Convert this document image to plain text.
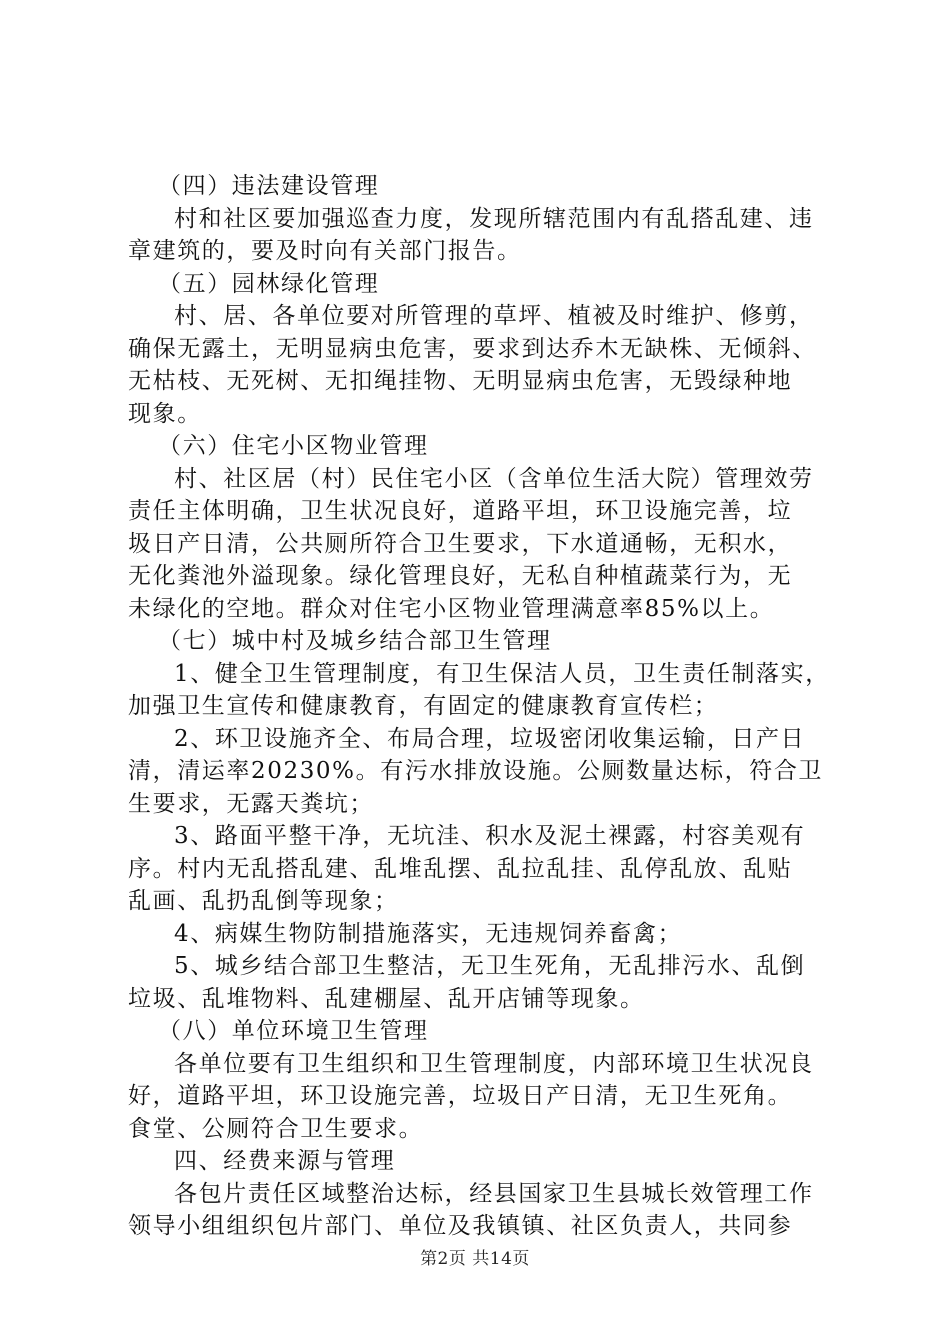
（四）违法建设管理
村和社区要加强巡查力度，发现所辖范围内有乱搭乱建、违
章建筑的，要及时向有关部门报告。
（五）园林绿化管理
村、居、各单位要对所管理的草坪、植被及时维护、修剪，
确保无露土，无明显病虫危害，要求到达乔木无缺株、无倾斜、
无枯枝、无死树、无扣绳挂物、无明显病虫危害，无毁绿种地
现象。
（六）住宅小区物业管理
村、社区居（村）民住宅小区（含单位生活大院）管理效劳
责任主体明确，卫生状况良好，道路平坦，环卫设施完善，垃
圾日产日清，公共厕所符合卫生要求，下水道通畅，无积水，
无化粪池外溢现象。绿化管理良好，无私自种植蔬菜行为，无
未绿化的空地。群众对住宅小区物业管理满意率85%以上。
（七）城中村及城乡结合部卫生管理
1、健全卫生管理制度，有卫生保洁人员，卫生责任制落实，
加强卫生宣传和健康教育，有固定的健康教育宣传栏；
2、环卫设施齐全、布局合理，垃圾密闭收集运输，日产日
清，清运率20230%。有污水排放设施。公厕数量达标，符合卫
生要求，无露天粪坑；
3、路面平整干净，无坑洼、积水及泥土裸露，村容美观有
序。村内无乱搭乱建、乱堆乱摆、乱拉乱挂、乱停乱放、乱贴
乱画、乱扔乱倒等现象；
4、病媒生物防制措施落实，无违规饲养畜禽；
5、城乡结合部卫生整洁，无卫生死角，无乱排污水、乱倒
垃圾、乱堆物料、乱建棚屋、乱开店铺等现象。
（八）单位环境卫生管理
各单位要有卫生组织和卫生管理制度，内部环境卫生状况良
好，道路平坦，环卫设施完善，垃圾日产日清，无卫生死角。
食堂、公厕符合卫生要求。
四、经费来源与管理
各包片责任区域整治达标，经县国家卫生县城长效管理工作
领导小组组织包片部门、单位及我镇镇、社区负责人，共同参
第2页 共14页
